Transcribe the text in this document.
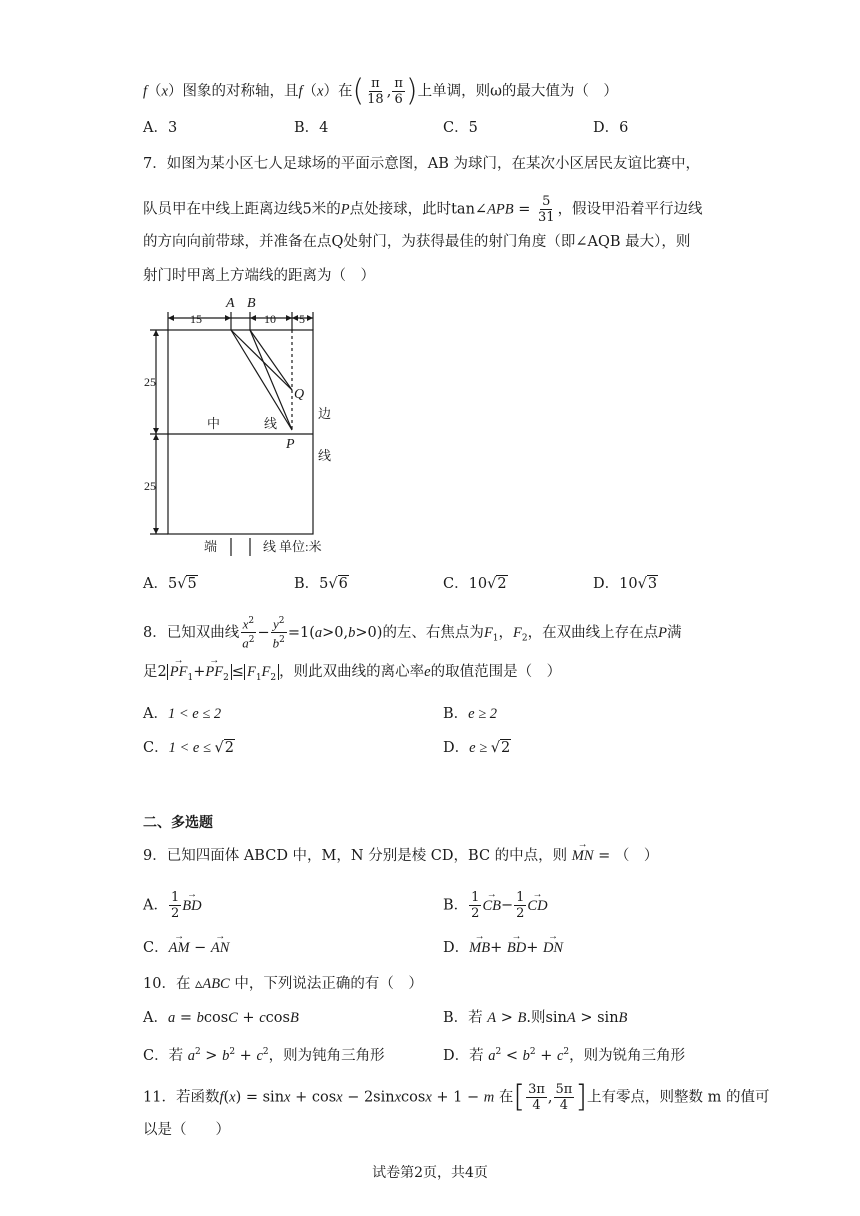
f（x）图象的对称轴，且f（x）在( $\frac{\pi}{18}$ , $\frac{\pi}{6}$ )上单调，则ω的最大值为（　）
A．3	B．4	C．5	D．6
7．如图为某小区七人足球场的平面示意图，AB 为球门，在某次小区居民友谊比赛中，
队员甲在中线上距离边线5米的P点处接球，此时tan∠APB = $\frac{5}{31}$ ，假设甲沿着平行边线
的方向向前带球，并准备在点Q处射门，为获得最佳的射门角度（即∠AQB 最大），则
射门时甲离上方端线的距离为（　）
A B
Q
P
15	10 5
25
25
中	线
边
线
端	线 单位:米
A．5√5	B．5√6	C．10√2	D．10√3
8．已知双曲线 $\frac{x^2}{a^2} - \frac{y^2}{b^2} =1(a>0,b>0)$的左、右焦点为$F_1$，$F_2$，在双曲线上存在点P满
足$2\to PF_1+\to PF_2 \le F_1F_2$ ，则此双曲线的离心率e的取值范围是（　）
A．1 < e ≤ 2	B．e ≥ 2
C．1 < e ≤ √2	D．e ≥ √2
二、多选题
9．已知四面体 ABCD 中，M，N 分别是棱 CD，BC 的中点，则 → MN = （　）
A． $\frac{1}{2}$
→ BD	B． $\frac{1}{2}$
→ $CB- \frac{1}{2}$
→ CD
C．→ AM − → AN	D．→ MB+ → BD+ → DN
10．在 ▵ABC 中，下列说法正确的有（　）
A．a = bcosC + ccosB	B．若 A > B.则sinA > sinB
C．若 $a^2 > b^2 + c^2$，则为钝角三角形	D．若 $a^2 < b^2 + c^2$，则为锐角三角形
11．若函数f(x) = sinx + cosx − 2sinxcosx + 1 − m 在[ $\frac{3\pi}{4}$ , $\frac{5\pi}{4}$ ]上有零点，则整数 m 的值可
以是（　　）
试卷第2页，共4页
